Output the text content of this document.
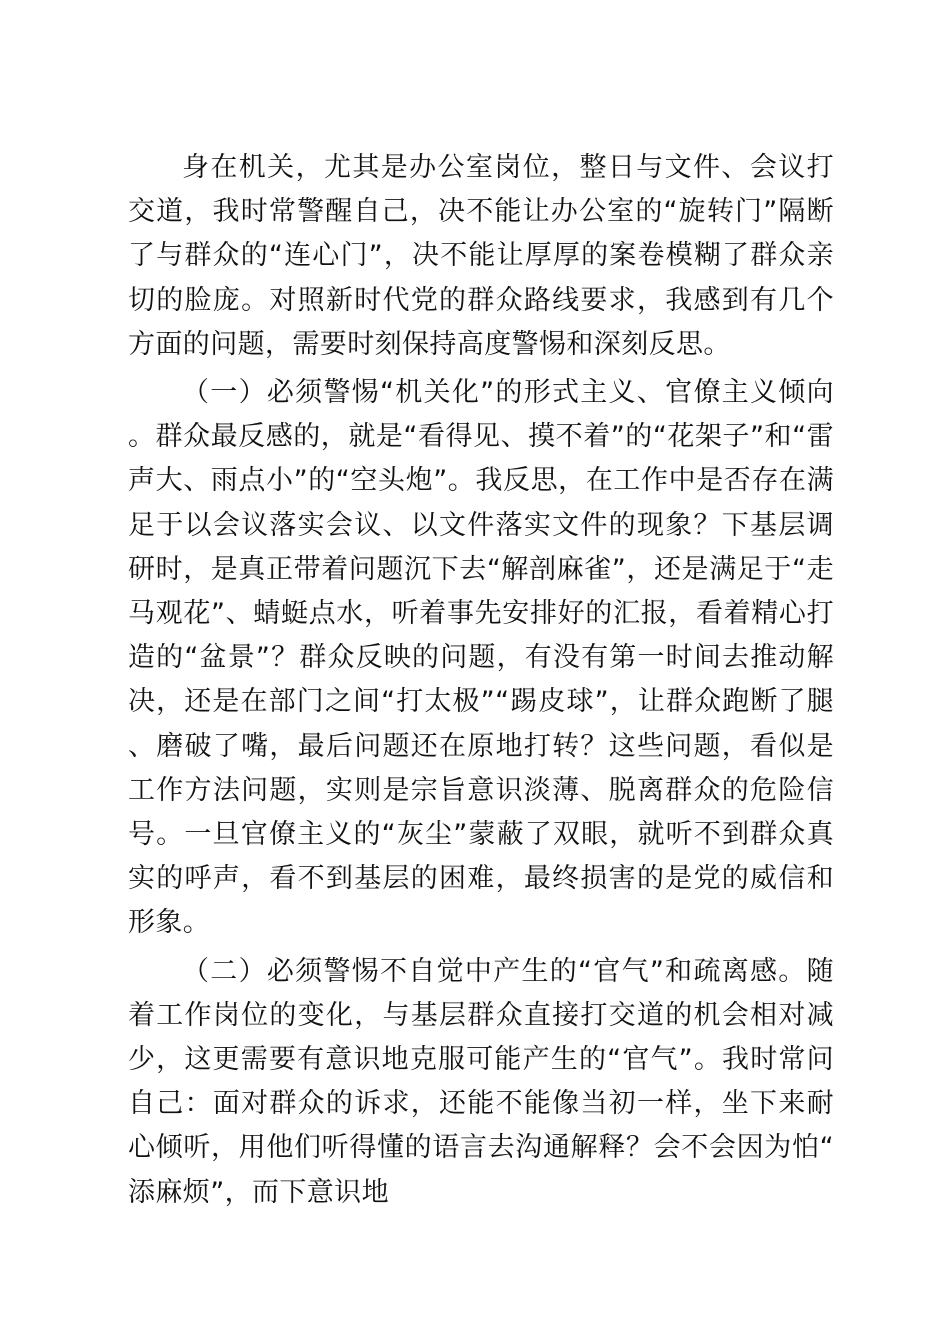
身在机关，尤其是办公室岗位，整日与文件、会议打交道，我时常警醒自己，决不能让办公室的“旋转门”隔断了与群众的“连心门”，决不能让厚厚的案卷模糊了群众亲切的脸庞。对照新时代党的群众路线要求，我感到有几个方面的问题，需要时刻保持高度警惕和深刻反思。

（一）必须警惕“机关化”的形式主义、官僚主义倾向。群众最反感的，就是“看得见、摸不着”的“花架子”和“雷声大、雨点小”的“空头炮”。我反思，在工作中是否存在满足于以会议落实会议、以文件落实文件的现象？下基层调研时，是真正带着问题沉下去“解剖麻雀”，还是满足于“走马观花”、蜻蜓点水，听着事先安排好的汇报，看着精心打造的“盆景”？群众反映的问题，有没有第一时间去推动解决，还是在部门之间“打太极”“踢皮球”，让群众跑断了腿、磨破了嘴，最后问题还在原地打转？这些问题，看似是工作方法问题，实则是宗旨意识淡薄、脱离群众的危险信号。一旦官僚主义的“灰尘”蒙蔽了双眼，就听不到群众真实的呼声，看不到基层的困难，最终损害的是党的威信和形象。

（二）必须警惕不自觉中产生的“官气”和疏离感。随着工作岗位的变化，与基层群众直接打交道的机会相对减少，这更需要有意识地克服可能产生的“官气”。我时常问自己：面对群众的诉求，还能不能像当初一样，坐下来耐心倾听，用他们听得懂的语言去沟通解释？会不会因为怕“添麻烦”，而下意识地
